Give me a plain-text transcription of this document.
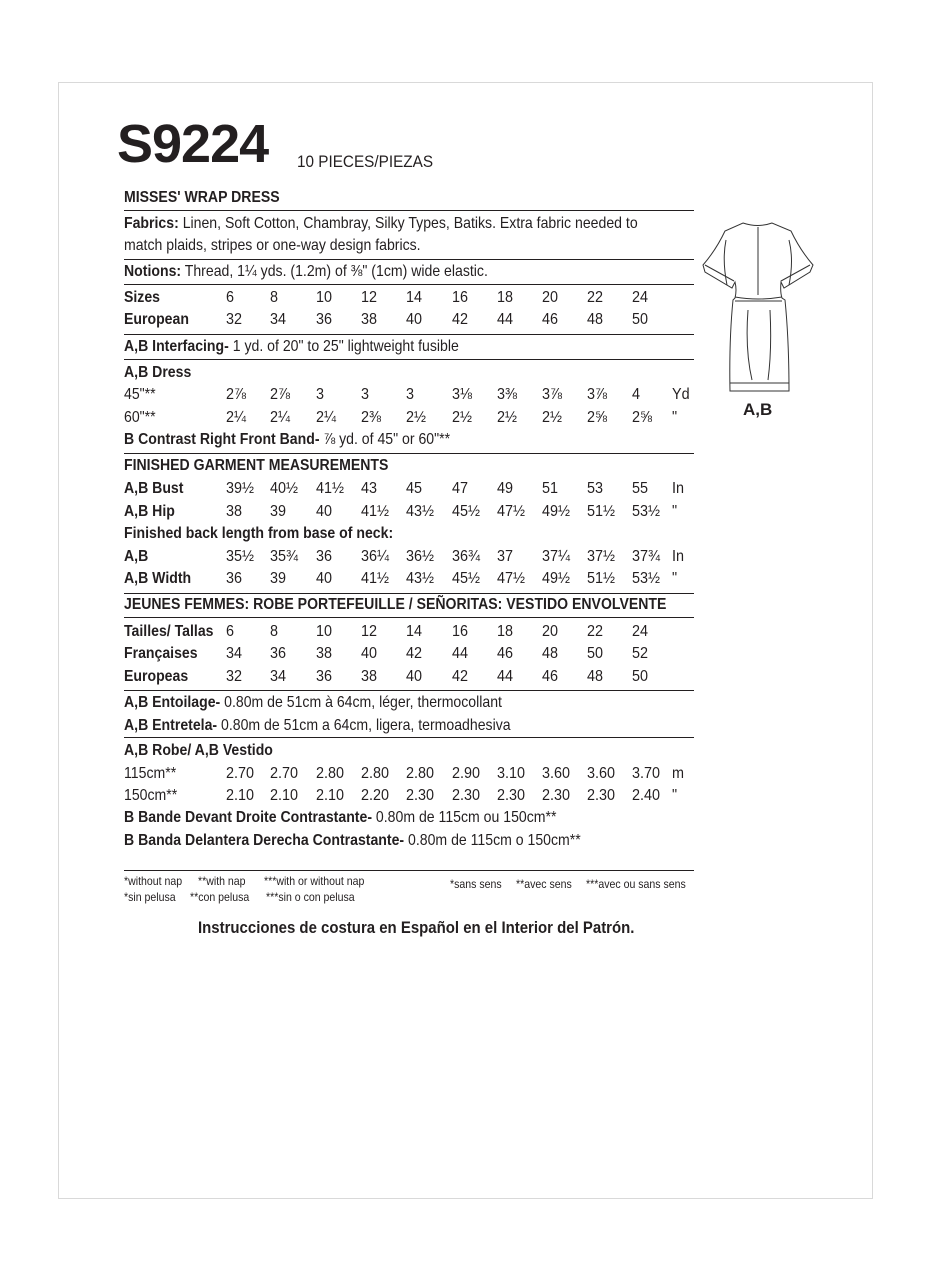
S9224 10 PIECES/PIEZAS
MISSES' WRAP DRESS
Fabrics: Linen, Soft Cotton, Chambray, Silky Types, Batiks. Extra fabric needed to
match plaids, stripes or one-way design fabrics.
Notions: Thread, 1¼ yds. (1.2m) of ⅜" (1cm) wide elastic.
Sizes	6 8 10 12 14 16 18 20 22 24
European 32 34 36 38 40 42 44 46 48 50
A,B Interfacing- 1 yd. of 20" to 25" lightweight fusible
A,B Dress
45"**	2⅞ 2⅞ 3 3 3 3⅛ 3⅜ 3⅞ 3⅞ 4 Yd
60"**	2¼ 2¼ 2¼ 2⅜ 2½ 2½ 2½ 2½ 2⅝ 2⅝ "
B Contrast Right Front Band- ⅞ yd. of 45" or 60"**
FINISHED GARMENT MEASUREMENTS
A,B Bust	39½ 40½ 41½ 43 45 47 49 51 53 55 In
A,B Hip	38 39 40 41½ 43½ 45½ 47½ 49½ 51½ 53½ "
Finished back length from base of neck:
A,B	35½ 35¾ 36 36¼ 36½ 36¾ 37 37¼ 37½ 37¾ In
A,B Width 36 39 40 41½ 43½ 45½ 47½ 49½ 51½ 53½ "
JEUNES FEMMES: ROBE PORTEFEUILLE / SEÑORITAS: VESTIDO ENVOLVENTE
Tailles/ Tallas 6 8 10 12 14 16 18 20 22 24
Françaises 34 36 38 40 42 44 46 48 50 52
Europeas 32 34 36 38 40 42 44 46 48 50
A,B Entoilage- 0.80m de 51cm à 64cm, léger, thermocollant
A,B Entretela- 0.80m de 51cm a 64cm, ligera, termoadhesiva
A,B Robe/ A,B Vestido
115cm**	2.70 2.70 2.80 2.80 2.80 2.90 3.10 3.60 3.60 3.70 m
150cm**	2.10 2.10 2.10 2.20 2.30 2.30 2.30 2.30 2.30 2.40 "
B Bande Devant Droite Contrastante- 0.80m de 115cm ou 150cm**
B Banda Delantera Derecha Contrastante- 0.80m de 115cm o 150cm**
*without nap **with nap ***with or without nap
*sin pelusa **con pelusa ***sin o con pelusa
*sans sens **avec sens ***avec ou sans sens
Instrucciones de costura en Español en el Interior del Patrón.
A,B
